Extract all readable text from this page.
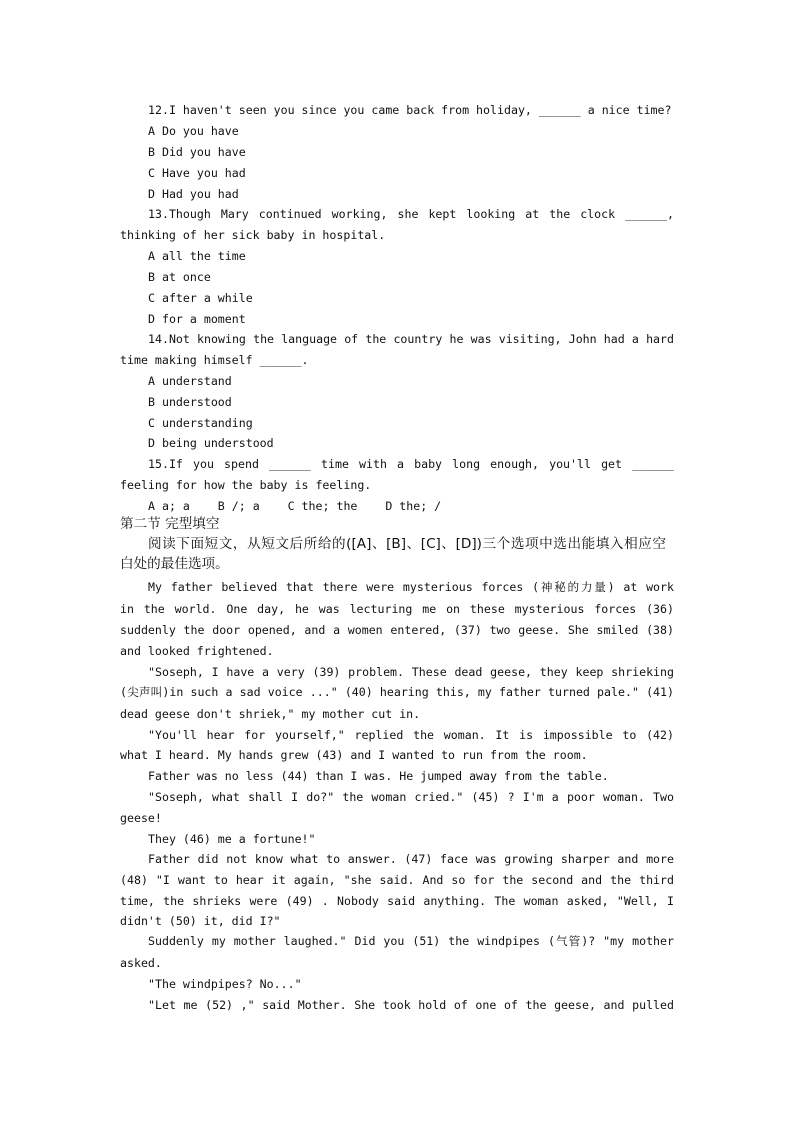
12.I haven't seen you since you came back from holiday, ______ a nice time?
A Do you have
B Did you have
C Have you had
D Had you had
13.Though Mary continued working, she kept looking at the clock ______,
thinking of her sick baby in hospital.
A all the time
B at once
C after a while
D for a moment
14.Not knowing the language of the country he was visiting, John had a hard
time making himself ______.
A understand
B understood
C understanding
D being understood
15.If you spend ______ time with a baby long enough, you'll get ______
feeling for how the baby is feeling.
A a; a    B /; a    C the; the    D the; /
第二节 完型填空
阅读下面短文，从短文后所给的([A]、[B]、[C]、[D])三个选项中选出能填入相应空
白处的最佳选项。
My father believed that there were mysterious forces (神秘的力量) at work
in the world. One day, he was lecturing me on these mysterious forces (36)
suddenly the door opened, and a women entered, (37) two geese. She smiled (38)
and looked frightened.
"Soseph, I have a very (39) problem. These dead geese, they keep shrieking
(尖声叫)in such a sad voice ..." (40) hearing this, my father turned pale." (41)
dead geese don't shriek," my mother cut in.
"You'll hear for yourself," replied the woman. It is impossible to (42)
what I heard. My hands grew (43) and I wanted to run from the room.
Father was no less (44) than I was. He jumped away from the table.
"Soseph, what shall I do?" the woman cried." (45) ? I'm a poor woman. Two
geese!
They (46) me a fortune!"
Father did not know what to answer. (47) face was growing sharper and more
(48) "I want to hear it again, "she said. And so for the second and the third
time, the shrieks were (49) . Nobody said anything. The woman asked, "Well, I
didn't (50) it, did I?"
Suddenly my mother laughed." Did you (51) the windpipes (气管)? "my mother
asked.
"The windpipes? No..."
"Let me (52) ," said Mother. She took hold of one of the geese, and pulled
